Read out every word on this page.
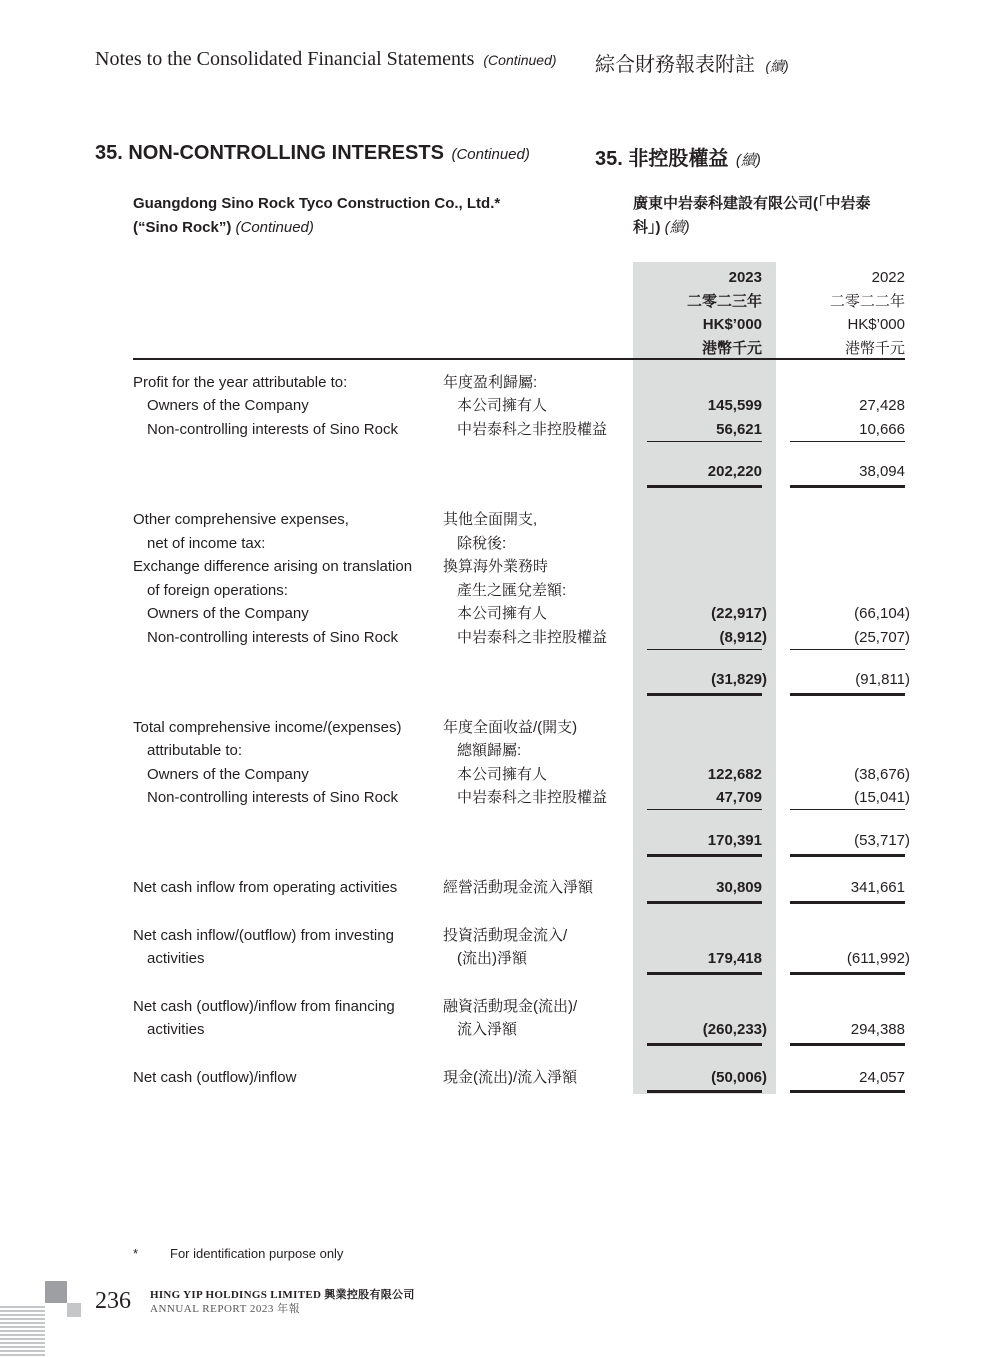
Notes to the Consolidated Financial Statements (Continued) 綜合財務報表附註 (續)
35. NON-CONTROLLING INTERESTS (Continued)	35. 非控股權益 (續)
Guangdong Sino Rock Tyco Construction Co., Ltd.*
(“Sino Rock”) (Continued)
廣東中岩泰科建設有限公司(「中岩泰
科」) (續)
2023
二零二三年
HK$’000
港幣千元
2022
二零二二年
HK$’000
港幣千元
Profit for the year attributable to:	年度盈利歸屬:
Owners of the Company	本公司擁有人	145,599	27,428
Non-controlling interests of Sino Rock	中岩泰科之非控股權益	56,621	10,666
202,220	38,094
Other comprehensive expenses,	其他全面開支,
net of income tax:	除稅後:
Exchange difference arising on translation 換算海外業務時
of foreign operations:	產生之匯兌差額:
Owners of the Company	本公司擁有人	(22,917)	(66,104)
Non-controlling interests of Sino Rock	中岩泰科之非控股權益	(8,912)	(25,707)
(31,829)	(91,811)
Total comprehensive income/(expenses)	年度全面收益/(開支)
attributable to:	總額歸屬:
Owners of the Company	本公司擁有人	122,682	(38,676)
Non-controlling interests of Sino Rock	中岩泰科之非控股權益	47,709	(15,041)
170,391	(53,717)
Net cash inflow from operating activities	經營活動現金流入淨額	30,809	341,661
Net cash inflow/(outflow) from investing	投資活動現金流入/
activities	(流出)淨額	179,418	(611,992)
Net cash (outflow)/inflow from financing	融資活動現金(流出)/
activities	流入淨額	(260,233)	294,388
Net cash (outflow)/inflow	現金(流出)/流入淨額	(50,006)	24,057
* For identification purpose only
236 HING YIP HOLDINGS LIMITED 興業控股有限公司
ANNUAL REPORT 2023 年報
